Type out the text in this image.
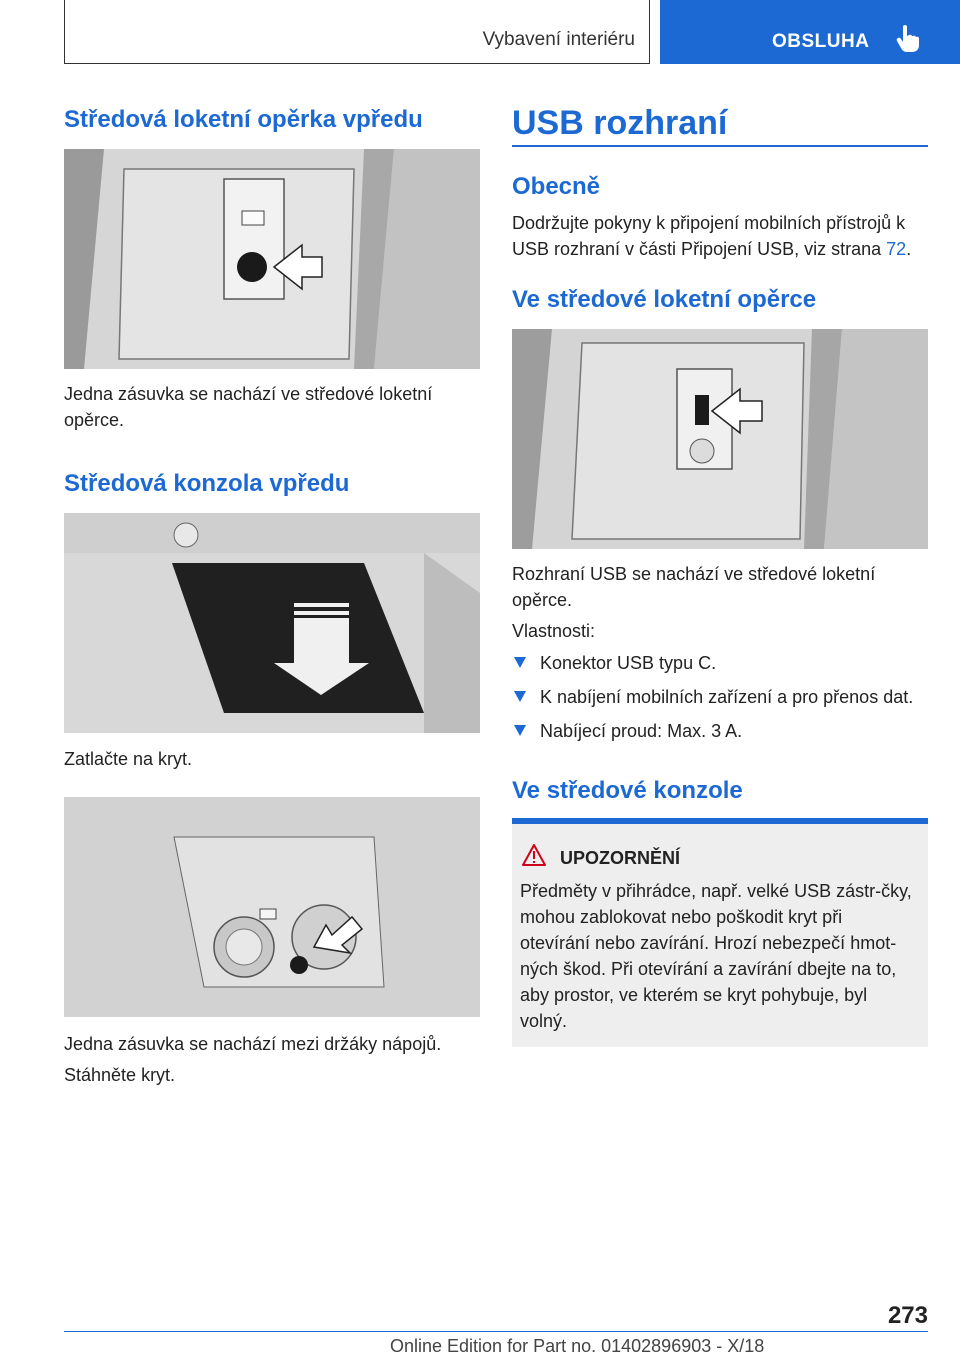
Vybavení interiéru	OBSLUHA
Středová loketní opěrka vpředu
Jedna zásuvka se nachází ve středové loketní opěrce.
Středová konzola vpředu
Zatlačte na kryt.
Jedna zásuvka se nachází mezi držáky nápojů.
Stáhněte kryt.
USB rozhraní
Obecně
Dodržujte pokyny k připojení mobilních přístrojů k USB rozhraní v části Připojení USB, viz strana 72.
Ve středové loketní opěrce
Rozhraní USB se nachází ve středové loketní opěrce.
Vlastnosti:
Konektor USB typu C.
K nabíjení mobilních zařízení a pro přenos dat.
Nabíjecí proud: Max. 3 A.
Ve středové konzole
UPOZORNĚNÍ
Předměty v přihrádce, např. velké USB zástr-čky, mohou zablokovat nebo poškodit kryt při otevírání nebo zavírání. Hrozí nebezpečí hmot-ných škod. Při otevírání a zavírání dbejte na to, aby prostor, ve kterém se kryt pohybuje, byl volný.
273
Online Edition for Part no. 01402896903 - X/18
